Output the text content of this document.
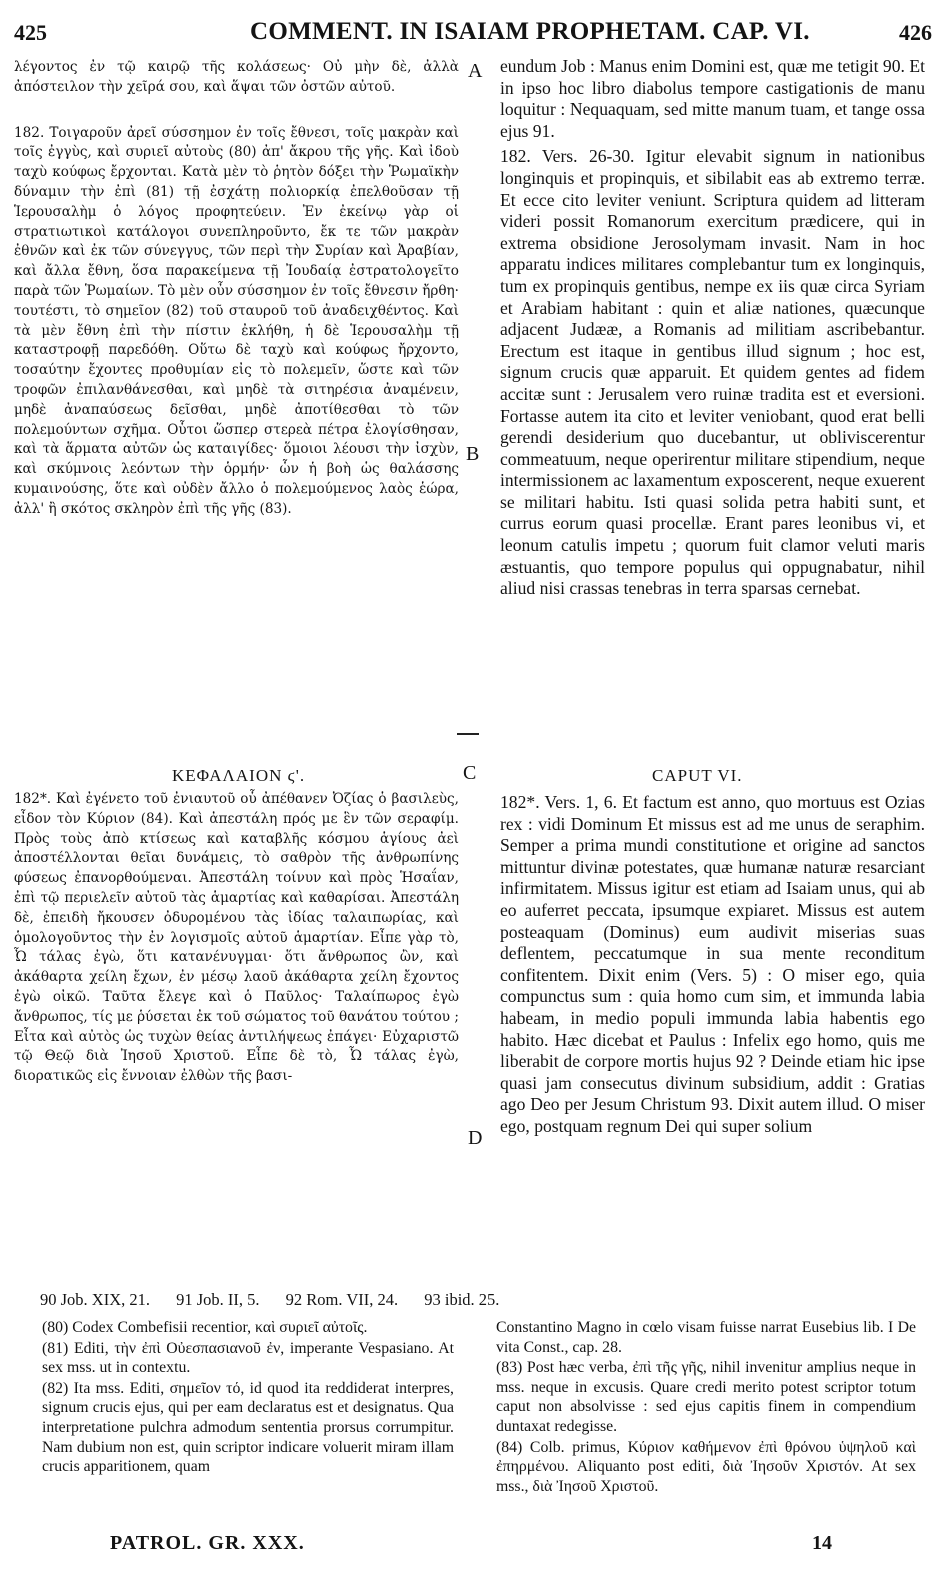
425	COMMENT. IN ISAIAM PROPHETAM. CAP. VI.	426

λέγοντος ἐν τῷ καιρῷ τῆς κολάσεως· Οὐ μὴν δὲ, ἀλλὰ ἀπόστειλον τὴν χεῖρά σου, καὶ ἅψαι τῶν ὀστῶν αὐτοῦ.

182. Τοιγαροῦν ἀρεῖ σύσσημον ἐν τοῖς ἔθνεσι, τοῖς μακρὰν καὶ τοῖς ἐγγὺς, καὶ συριεῖ αὐτοὺς (80) ἀπ' ἄκρου τῆς γῆς. Καὶ ἰδοὺ ταχὺ κούφως ἔρχονται. Κατὰ μὲν τὸ ῥητὸν δόξει τὴν Ῥωμαϊκὴν δύναμιν τὴν ἐπὶ (81) τῇ ἐσχάτῃ πολιορκίᾳ ἐπελθοῦσαν τῇ Ἱερουσαλὴμ ὁ λόγος προφητεύειν. Ἐν ἐκείνῳ γὰρ οἱ στρατιωτικοὶ κατάλογοι συνεπληροῦντο, ἔκ τε τῶν μακρὰν ἐθνῶν καὶ ἐκ τῶν σύνεγγυς, τῶν περὶ τὴν Συρίαν καὶ Ἀραβίαν, καὶ ἄλλα ἔθνη, ὅσα παρακείμενα τῇ Ἰουδαίᾳ ἐστρατολογεῖτο παρὰ τῶν Ῥωμαίων. Τὸ μὲν οὖν σύσσημον ἐν τοῖς ἔθνεσιν ἤρθη· τουτέστι, τὸ σημεῖον (82) τοῦ σταυροῦ τοῦ ἀναδειχθέντος. Καὶ τὰ μὲν ἔθνη ἐπὶ τὴν πίστιν ἐκλήθη, ἡ δὲ Ἱερουσαλὴμ τῇ καταστροφῇ παρεδόθη. Οὕτω δὲ ταχὺ καὶ κούφως ἤρχοντο, τοσαύτην ἔχοντες προθυμίαν εἰς τὸ πολεμεῖν, ὥστε καὶ τῶν τροφῶν ἐπιλανθάνεσθαι, καὶ μηδὲ τὰ σιτηρέσια ἀναμένειν, μηδὲ ἀναπαύσεως δεῖσθαι, μηδὲ ἀποτίθεσθαι τὸ τῶν πολεμούντων σχῆμα. Οὗτοι ὥσπερ στερεὰ πέτρα ἐλογίσθησαν, καὶ τὰ ἅρματα αὐτῶν ὡς καταιγίδες· ὅμοιοι λέουσι τὴν ἰσχὺν, καὶ σκύμνοις λεόντων τὴν ὁρμήν· ὧν ἡ βοὴ ὡς θαλάσσης κυμαινούσης, ὅτε καὶ οὐδὲν ἄλλο ὁ πολεμούμενος λαὸς ἑώρα, ἀλλ' ἢ σκότος σκληρὸν ἐπὶ τῆς γῆς (83).

eundum Job : Manus enim Domini est, quæ me tetigit 90. Et in ipso hoc libro diabolus tempore castigationis de manu loquitur : Nequaquam, sed mitte manum tuam, et tange ossa ejus 91.

182. Vers. 26-30. Igitur elevabit signum in nationibus longinquis et propinquis, et sibilabit eas ab extremo terræ. Et ecce cito leviter veniunt. Scriptura quidem ad litteram videri possit Romanorum exercitum prædicere, qui in extrema obsidione Jerosolymam invasit. Nam in hoc apparatu indices militares complebantur tum ex longinquis, tum ex propinquis gentibus, nempe ex iis quæ circa Syriam et Arabiam habitant : quin et aliæ nationes, quæcunque adjacent Judææ, a Romanis ad militiam ascribebantur. Erectum est itaque in gentibus illud signum ; hoc est, signum crucis quæ apparuit. Et quidem gentes ad fidem accitæ sunt : Jerusalem vero ruinæ tradita est et eversioni. Fortasse autem ita cito et leviter veniobant, quod erat belli gerendi desiderium quo ducebantur, ut obliviscerentur commeatuum, neque operirentur militare stipendium, neque intermissionem ac laxamentum exposcerent, neque exuerent se militari habitu. Isti quasi solida petra habiti sunt, et currus eorum quasi procellæ. Erant pares leonibus vi, et leonum catulis impetu ; quorum fuit clamor veluti maris æstuantis, quo tempore populus qui oppugnabatur, nihil aliud nisi crassas tenebras in terra sparsas cernebat.

A
B
C
D
ΚΕΦΑΛΑΙΟΝ ϛ'.	CAPUT VI.

182*. Καὶ ἐγένετο τοῦ ἐνιαυτοῦ οὗ ἀπέθανεν Ὀζίας ὁ βασιλεὺς, εἶδον τὸν Κύριον (84). Καὶ ἀπεστάλη πρός με ἓν τῶν σεραφίμ. Πρὸς τοὺς ἀπὸ κτίσεως καὶ καταβλῆς κόσμου ἁγίους ἀεὶ ἀποστέλλονται θεῖαι δυνάμεις, τὸ σαθρὸν τῆς ἀνθρωπίνης φύσεως ἐπανορθούμεναι. Ἀπεστάλη τοίνυν καὶ πρὸς Ἡσαΐαν, ἐπὶ τῷ περιελεῖν αὐτοῦ τὰς ἁμαρτίας καὶ καθαρίσαι. Ἀπεστάλη δὲ, ἐπειδὴ ἤκουσεν ὀδυρομένου τὰς ἰδίας ταλαιπωρίας, καὶ ὁμολογοῦντος τὴν ἐν λογισμοῖς αὐτοῦ ἁμαρτίαν. Εἶπε γὰρ τὸ, Ὦ τάλας ἐγὼ, ὅτι κατανένυγμαι· ὅτι ἄνθρωπος ὢν, καὶ ἀκάθαρτα χείλη ἔχων, ἐν μέσῳ λαοῦ ἀκάθαρτα χείλη ἔχοντος ἐγὼ οἰκῶ. Ταῦτα ἔλεγε καὶ ὁ Παῦλος· Ταλαίπωρος ἐγὼ ἄνθρωπος, τίς με ῥύσεται ἐκ τοῦ σώματος τοῦ θανάτου τούτου ; Εἶτα καὶ αὐτὸς ὡς τυχὼν θείας ἀντιλήψεως ἐπάγει· Εὐχαριστῶ τῷ Θεῷ διὰ Ἰησοῦ Χριστοῦ. Εἶπε δὲ τὸ, Ὦ τάλας ἐγὼ, διορατικῶς εἰς ἔννοιαν ἐλθὼν τῆς βασι-

182*. Vers. 1, 6. Et factum est anno, quo mortuus est Ozias rex : vidi Dominum Et missus est ad me unus de seraphim. Semper a prima mundi constitutione et origine ad sanctos mittuntur divinæ potestates, quæ humanæ naturæ resarciant infirmitatem. Missus igitur est etiam ad Isaiam unus, qui ab eo auferret peccata, ipsumque expiaret. Missus est autem posteaquam (Dominus) eum audivit miserias suas deflentem, peccatumque in sua mente reconditum confitentem. Dixit enim (Vers. 5) : O miser ego, quia compunctus sum : quia homo cum sim, et immunda labia habeam, in medio populi immunda labia habentis ego habito. Hæc dicebat et Paulus : Infelix ego homo, quis me liberabit de corpore mortis hujus 92 ? Deinde etiam hic ipse quasi jam consecutus divinum subsidium, addit : Gratias ago Deo per Jesum Christum 93. Dixit autem illud. O miser ego, postquam regnum Dei qui super solium

90 Job. XIX, 21. 91 Job. II, 5. 92 Rom. VII, 24. 93 ibid. 25.

(80) Codex Combefisii recentior, καὶ συριεῖ αὐτοῖς.

(81) Editi, τὴν ἐπὶ Οὐεσπασιανοῦ ἐν, imperante Vespasiano. At sex mss. ut in contextu.

(82) Ita mss. Editi, σημεῖον τό, id quod ita reddiderat interpres, signum crucis ejus, qui per eam declaratus est et designatus. Qua interpretatione pulchra admodum sententia prorsus corrumpitur. Nam dubium non est, quin scriptor indicare voluerit miram illam crucis apparitionem, quam

Constantino Magno in cœlo visam fuisse narrat Eusebius lib. I De vita Const., cap. 28.

(83) Post hæc verba, ἐπὶ τῆς γῆς, nihil invenitur amplius neque in mss. neque in excusis. Quare credi merito potest scriptor totum caput non absolvisse : sed ejus capitis finem in compendium duntaxat redegisse.

(84) Colb. primus, Κύριον καθήμενον ἐπὶ θρόνου ὑψηλοῦ καὶ ἐπηρμένου. Aliquanto post editi, διὰ Ἰησοῦν Χριστόν. At sex mss., διὰ Ἰησοῦ Χριστοῦ.

PATROL. GR. XXX.	14
